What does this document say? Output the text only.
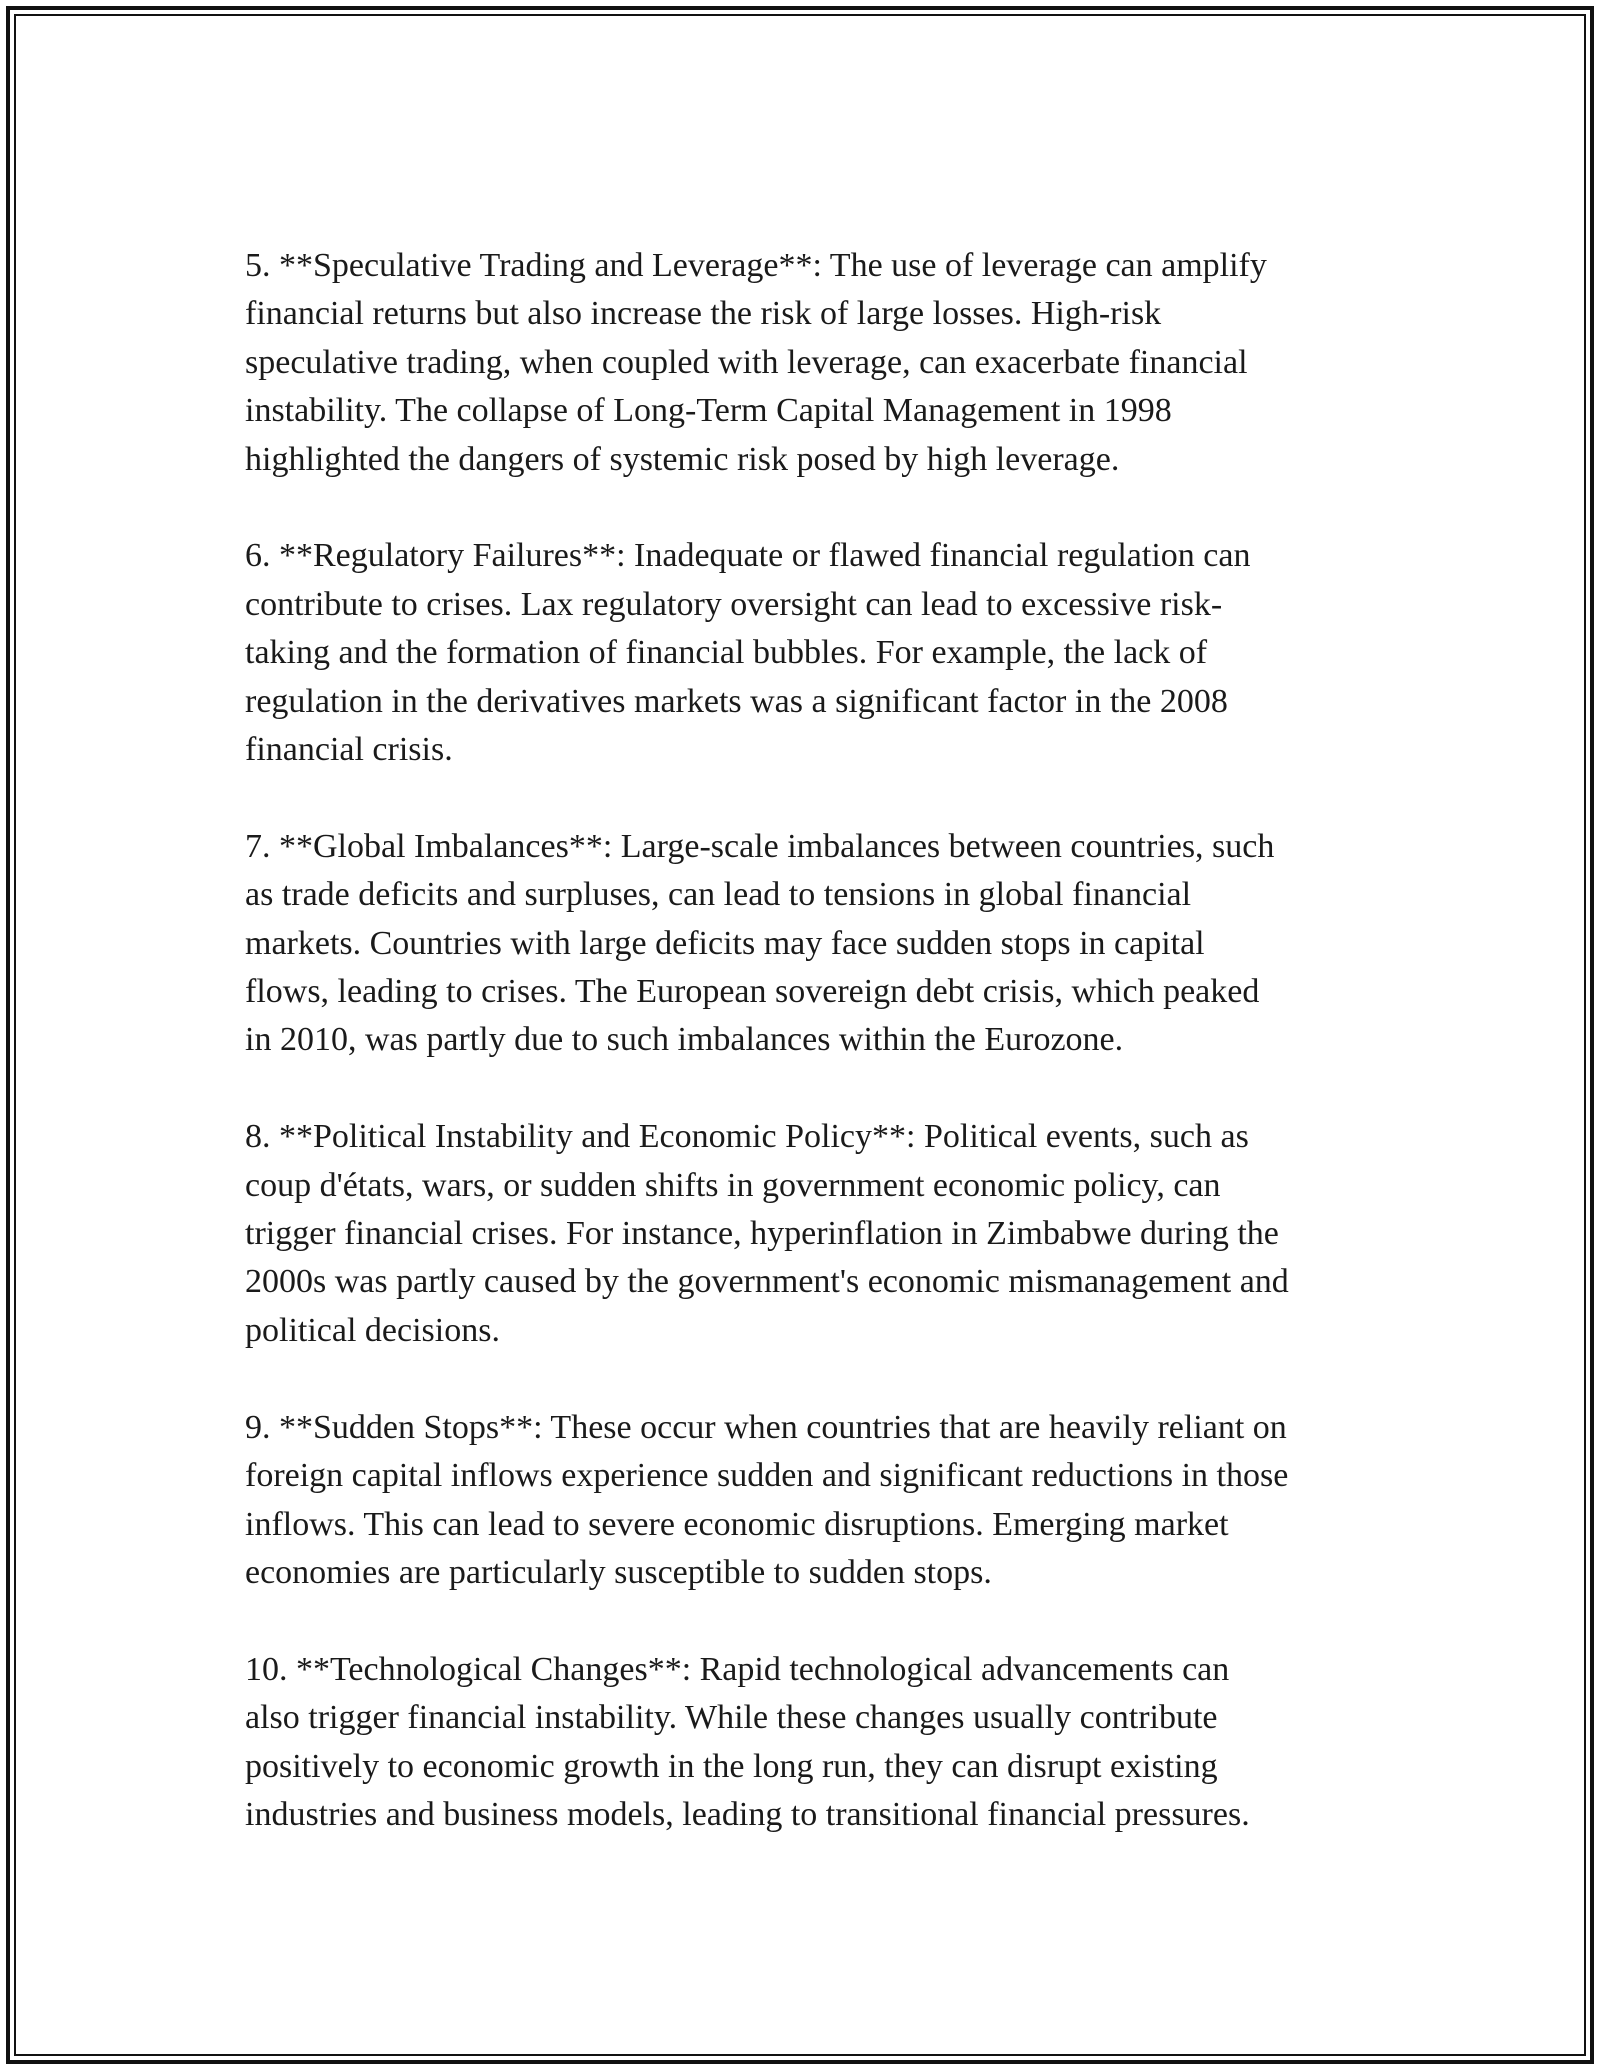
5. **Speculative Trading and Leverage**: The use of leverage can amplify
financial returns but also increase the risk of large losses. High-risk
speculative trading, when coupled with leverage, can exacerbate financial
instability. The collapse of Long-Term Capital Management in 1998
highlighted the dangers of systemic risk posed by high leverage.

6. **Regulatory Failures**: Inadequate or flawed financial regulation can
contribute to crises. Lax regulatory oversight can lead to excessive risk-
taking and the formation of financial bubbles. For example, the lack of
regulation in the derivatives markets was a significant factor in the 2008
financial crisis.

7. **Global Imbalances**: Large-scale imbalances between countries, such
as trade deficits and surpluses, can lead to tensions in global financial
markets. Countries with large deficits may face sudden stops in capital
flows, leading to crises. The European sovereign debt crisis, which peaked
in 2010, was partly due to such imbalances within the Eurozone.

8. **Political Instability and Economic Policy**: Political events, such as
coup d'états, wars, or sudden shifts in government economic policy, can
trigger financial crises. For instance, hyperinflation in Zimbabwe during the
2000s was partly caused by the government's economic mismanagement and
political decisions.

9. **Sudden Stops**: These occur when countries that are heavily reliant on
foreign capital inflows experience sudden and significant reductions in those
inflows. This can lead to severe economic disruptions. Emerging market
economies are particularly susceptible to sudden stops.

10. **Technological Changes**: Rapid technological advancements can
also trigger financial instability. While these changes usually contribute
positively to economic growth in the long run, they can disrupt existing
industries and business models, leading to transitional financial pressures.
